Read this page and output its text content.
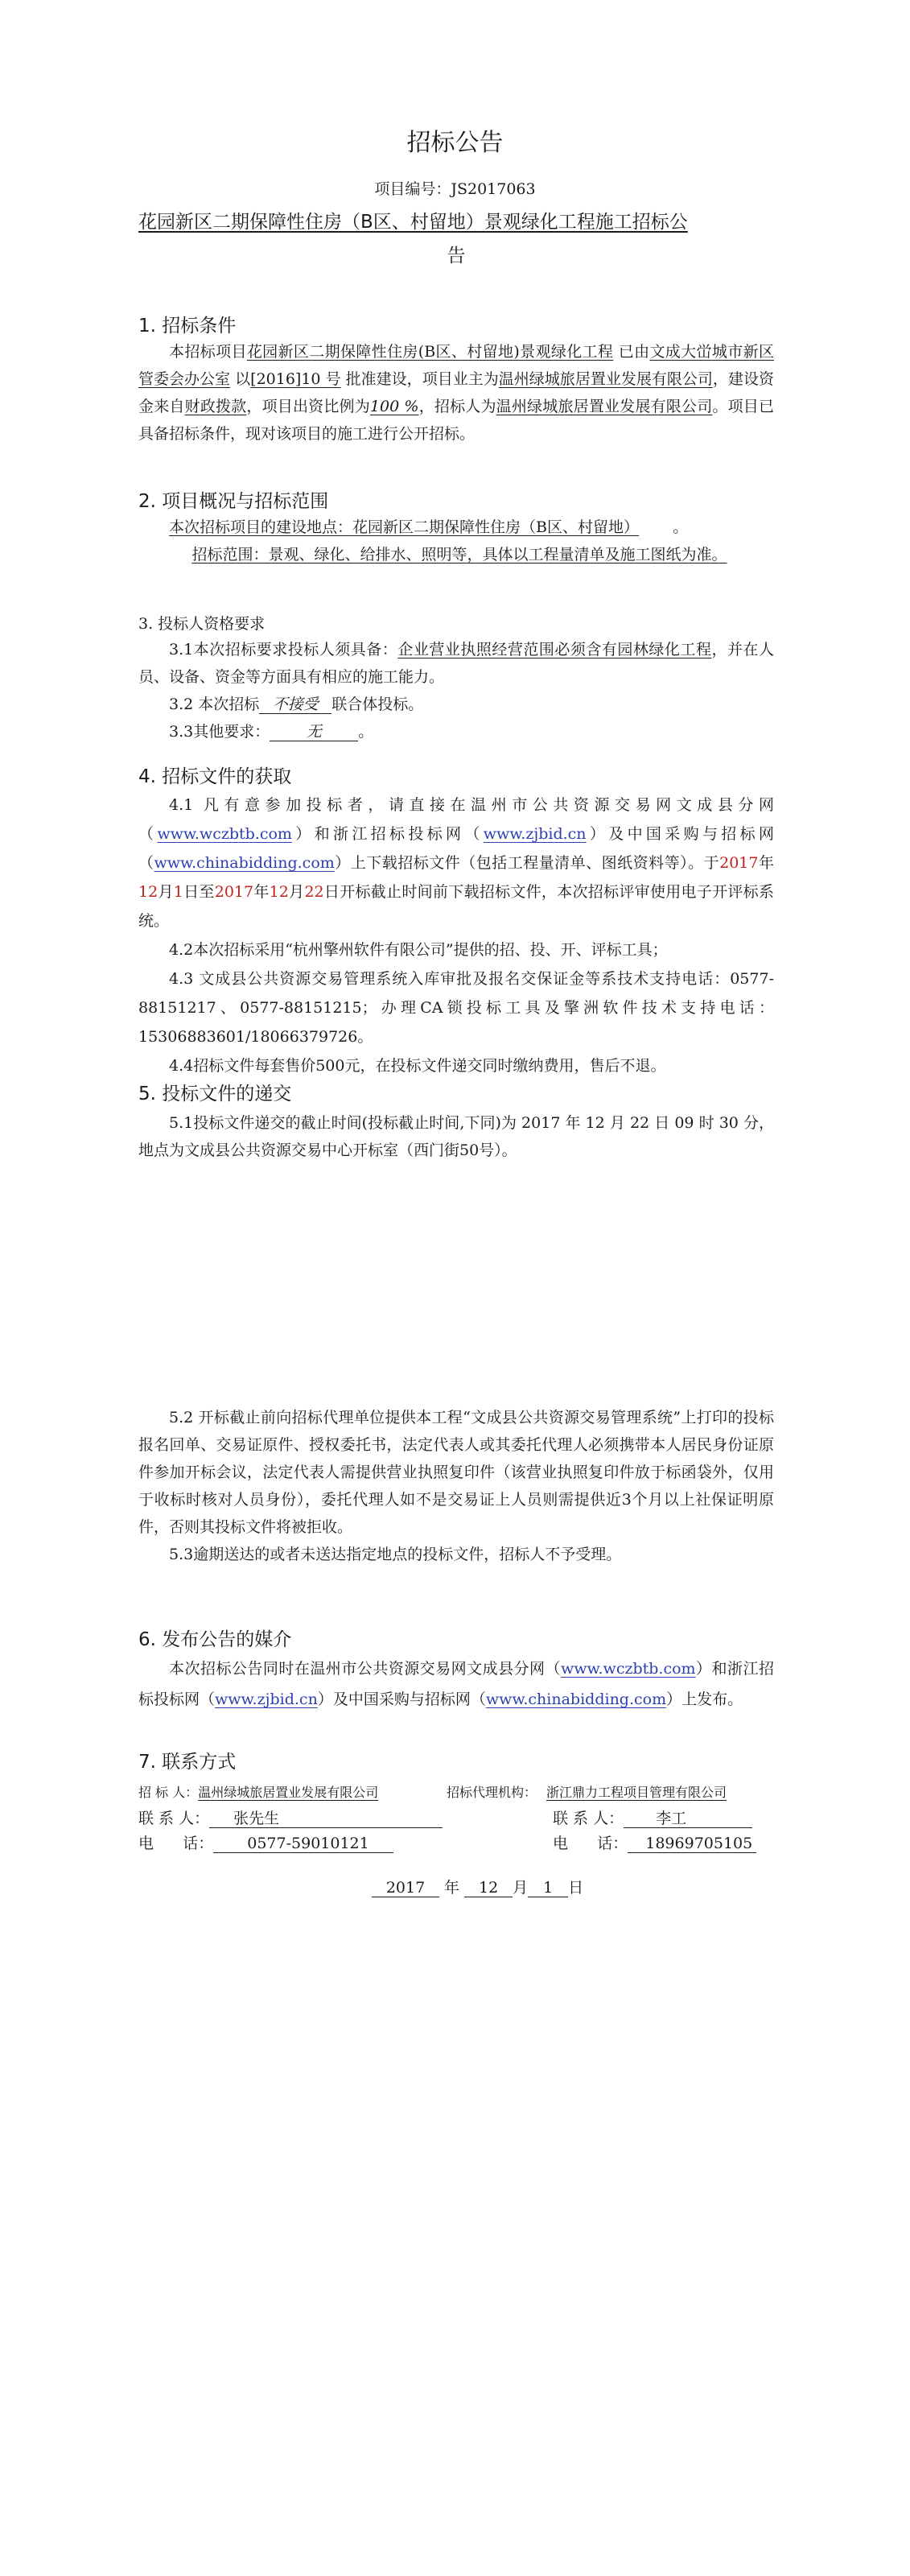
招标公告
项目编号：JS2017063
花园新区二期保障性住房（B区、村留地）景观绿化工程施工招标公
告
1. 招标条件
本招标项目花园新区二期保障性住房(B区、村留地)景观绿化工程 已由文成大峃城市新区管委会办公室 以[2016]10 号 批准建设，项目业主为温州绿城旅居置业发展有限公司，建设资金来自财政拨款，项目出资比例为100 %，招标人为温州绿城旅居置业发展有限公司。项目已具备招标条件，现对该项目的施工进行公开招标。
2. 项目概况与招标范围
本次招标项目的建设地点：花园新区二期保障性住房（B区、村留地） 。
招标范围：景观、绿化、给排水、照明等，具体以工程量清单及施工图纸为准。
3. 投标人资格要求
3.1本次招标要求投标人须具备：企业营业执照经营范围必须含有园林绿化工程，并在人员、设备、资金等方面具有相应的施工能力。
3.2 本次招标 不接受 联合体投标。
3.3其他要求： 无 。
4. 招标文件的获取
4.1 凡有意参加投标者，请直接在温州市公共资源交易网文成县分网（www.wczbtb.com）和浙江招标投标网（www.zjbid.cn）及中国采购与招标网（www.chinabidding.com）上下载招标文件（包括工程量清单、图纸资料等）。于2017年12月1日至2017年12月22日开标截止时间前下载招标文件，本次招标评审使用电子开评标系统。
4.2本次招标采用“杭州擎州软件有限公司”提供的招、投、开、评标工具；
4.3 文成县公共资源交易管理系统入库审批及报名交保证金等系技术支持电话：0577-88151217、0577-88151215；办理CA锁投标工具及擎洲软件技术支持电话：15306883601/18066379726。
4.4招标文件每套售价500元，在投标文件递交同时缴纳费用，售后不退。
5. 投标文件的递交
5.1投标文件递交的截止时间(投标截止时间,下同)为 2017 年 12 月 22 日 09 时 30 分，地点为文成县公共资源交易中心开标室（西门街50号）。
5.2 开标截止前向招标代理单位提供本工程“文成县公共资源交易管理系统”上打印的投标报名回单、交易证原件、授权委托书，法定代表人或其委托代理人必须携带本人居民身份证原件参加开标会议，法定代表人需提供营业执照复印件（该营业执照复印件放于标函袋外，仅用于收标时核对人员身份），委托代理人如不是交易证上人员则需提供近3个月以上社保证明原件，否则其投标文件将被拒收。
5.3逾期送达的或者未送达指定地点的投标文件，招标人不予受理。
6. 发布公告的媒介
本次招标公告同时在温州市公共资源交易网文成县分网（www.wczbtb.com）和浙江招标投标网（www.zjbid.cn）及中国采购与招标网（www.chinabidding.com）上发布。
7. 联系方式
招 标 人：温州绿城旅居置业发展有限公司	招标代理机构： 浙江鼎力工程项目管理有限公司
联 系 人： 张先生	联 系 人： 李工
电      话： 0577-59010121	电      话： 18969705105
2017 年 12 月 1 日
